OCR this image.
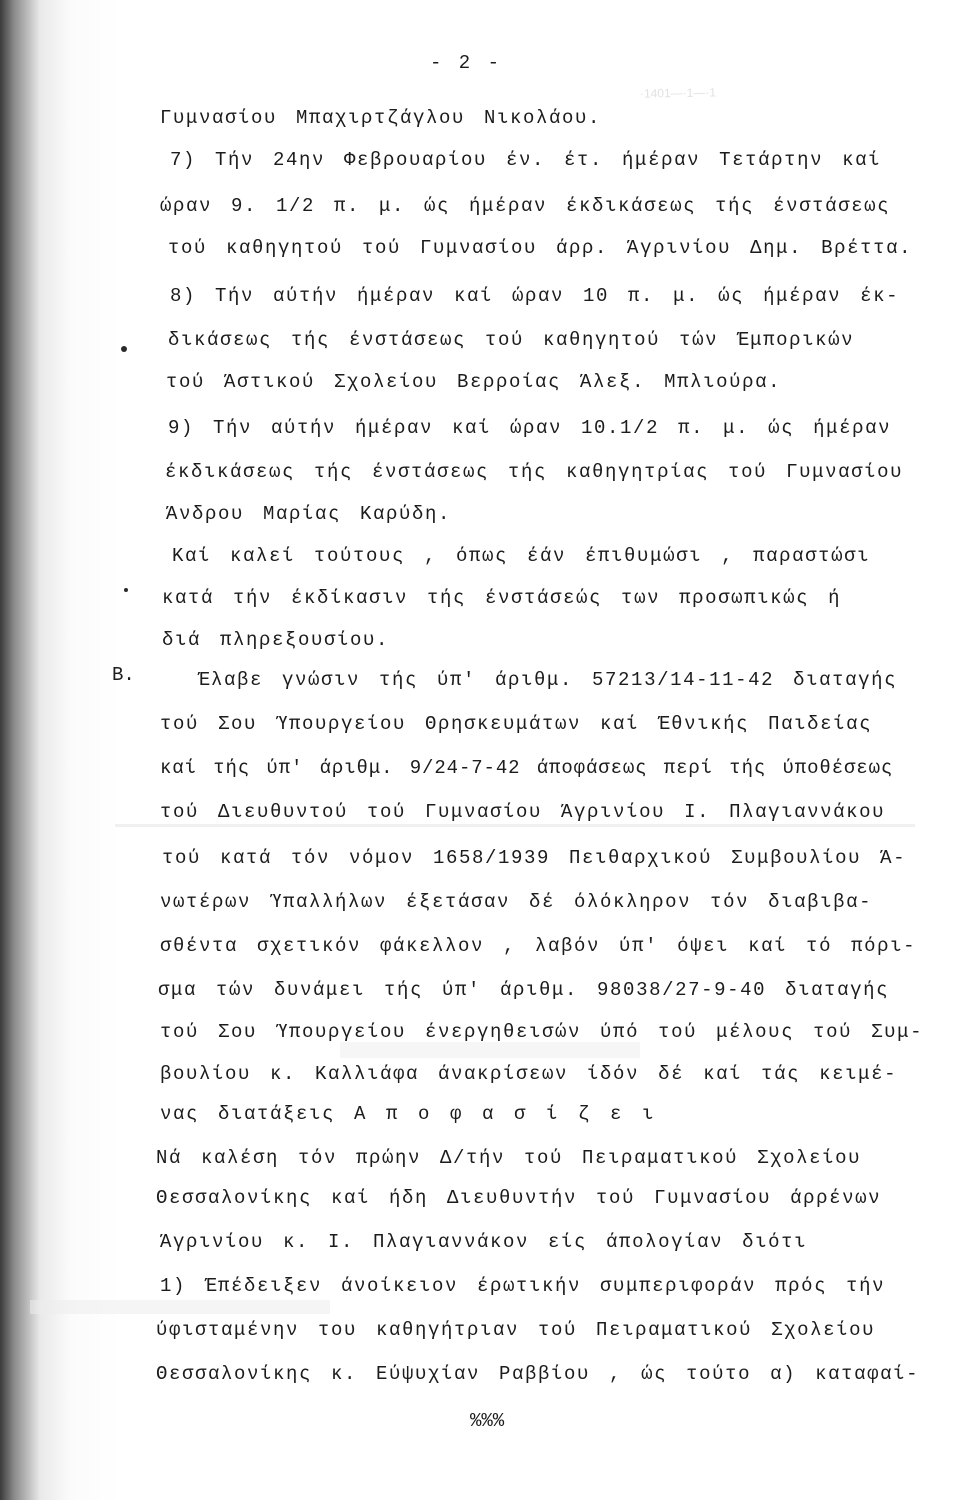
·1401—·1—·1
- 2 -
Β.
Γυμνασίου Μπαχιρτζάγλου Νικολάου.
7) Τήν 24ην Φεβρουαρίου έν. έτ. ήμέραν Τετάρτην καί
ώραν 9. 1/2 π. μ. ώς ήμέραν έκδικάσεως τής ένστάσεως
τού καθηγητού τού Γυμνασίου άρρ. Άγρινίου Δημ. Βρέττα.
8) Τήν αύτήν ήμέραν καί ώραν 10 π. μ. ώς ήμέραν έκ-
δικάσεως τής ένστάσεως τού καθηγητού τών Έμπορικών
τού Άστικού Σχολείου Βερροίας Άλεξ. Μπλιούρα.
9) Τήν αύτήν ήμέραν καί ώραν 10.1/2 π. μ. ώς ήμέραν
έκδικάσεως τής ένστάσεως τής καθηγητρίας τού Γυμνασίου
Άνδρου Μαρίας Καρύδη.
Καί καλεί τούτους , όπως έάν έπιθυμώσι , παραστώσι
κατά τήν έκδίκασιν τής ένστάσεώς των προσωπικώς ή
διά πληρεξουσίου.
Έλαβε γνώσιν τής ύπ' άριθμ. 57213/14-11-42 διαταγής
τού Σου Ύπουργείου Θρησκευμάτων καί Έθνικής Παιδείας
καί τής ύπ' άριθμ. 9/24-7-42 άποφάσεως περί τής ύποθέσεως
τού Διευθυντού τού Γυμνασίου Άγρινίου Ι. Πλαγιαννάκου
τού κατά τόν νόμον 1658/1939 Πειθαρχικού Συμβουλίου Ά-
νωτέρων Ύπαλλήλων έξετάσαν δέ όλόκληρον τόν διαβιβα-
σθέντα σχετικόν φάκελλον , λαβόν ύπ' όψει καί τό πόρι-
σμα τών δυνάμει τής ύπ' άριθμ. 98038/27-9-40 διαταγής
τού Σου Ύπουργείου ένεργηθεισών ύπό τού μέλους τού Συμ-
βουλίου κ. Καλλιάφα άνακρίσεων ίδόν δέ καί τάς κειμέ-
νας διατάξεις Α π ο φ α σ ί ζ ε ι
Νά καλέση τόν πρώην Δ/τήν τού Πειραματικού Σχολείου
Θεσσαλονίκης καί ήδη Διευθυντήν τού Γυμνασίου άρρένων
Άγρινίου κ. Ι. Πλαγιαννάκον είς άπολογίαν διότι
1) Έπέδειξεν άνοίκειον έρωτικήν συμπεριφοράν πρός τήν
ύφισταμένην του καθηγήτριαν τού Πειραματικού Σχολείου
Θεσσαλονίκης κ. Εύψυχίαν Ραββίου , ώς τούτο α) καταφαί-
%%%
